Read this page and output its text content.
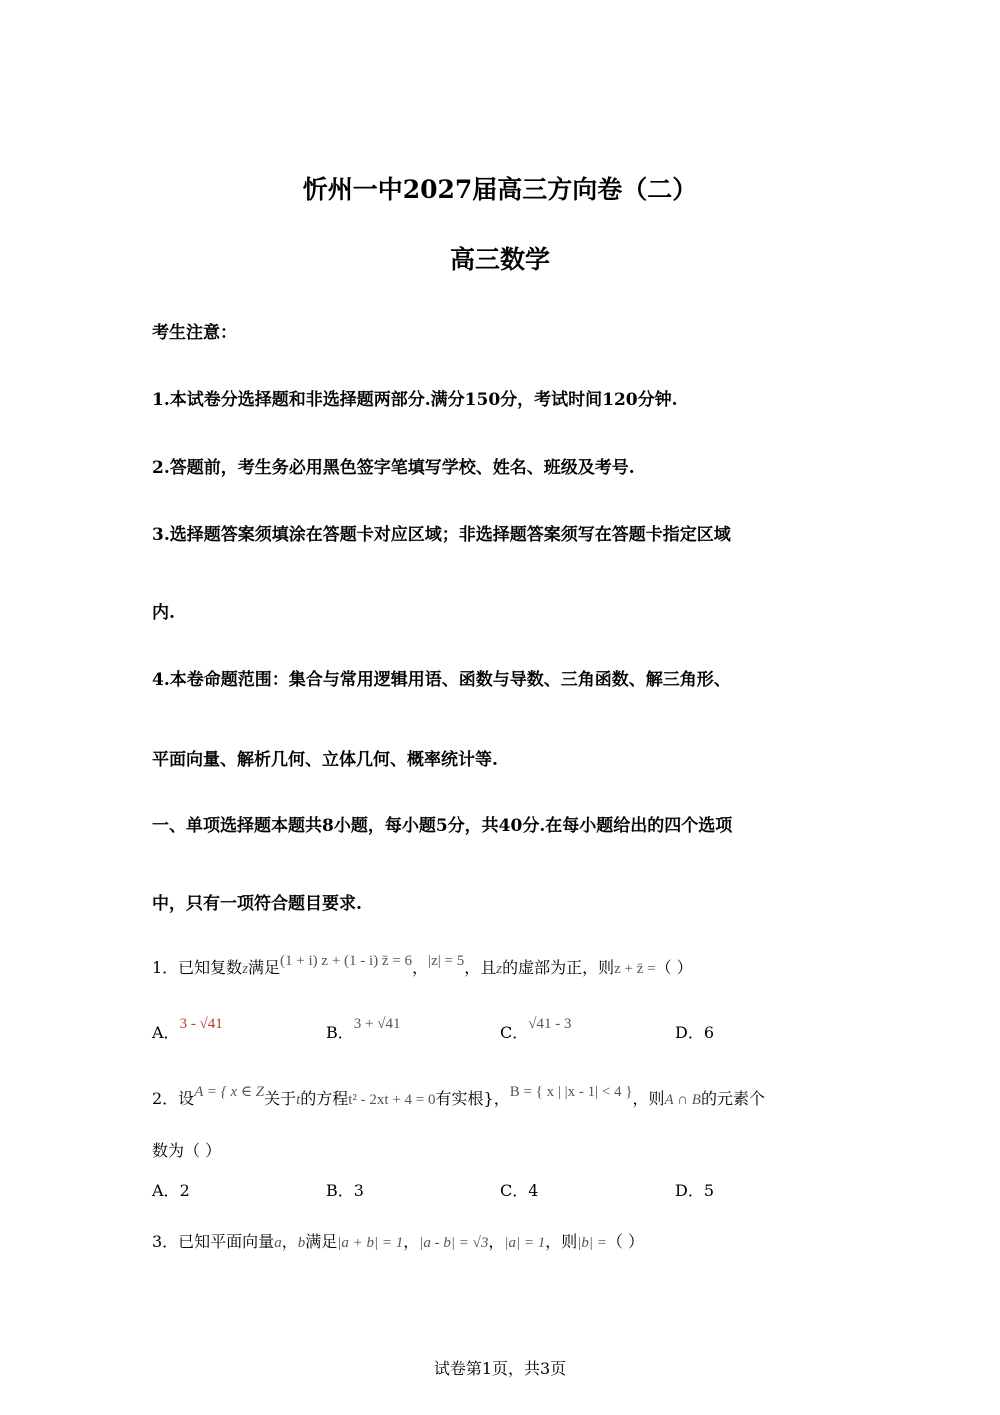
忻州一中2027届高三方向卷（二）
高三数学
考生注意：
1.本试卷分选择题和非选择题两部分.满分150分，考试时间120分钟.
2.答题前，考生务必用黑色签字笔填写学校、姓名、班级及考号.
3.选择题答案须填涂在答题卡对应区域；非选择题答案须写在答题卡指定区域
内.
4.本卷命题范围：集合与常用逻辑用语、函数与导数、三角函数、解三角形、
平面向量、解析几何、立体几何、概率统计等.
一、单项选择题本题共8小题，每小题5分，共40分.在每小题给出的四个选项
中，只有一项符合题目要求.
1．已知复数z满足(1 + i) z + (1 - i) z̄ = 6，|z| = 5，且z的虚部为正，则z + z̄ =（ ）
A．3 - √41	B．3 + √41	C．√41 - 3	D．6
2．设A = { x ∈ Z关于t的方程t² - 2xt + 4 = 0有实根}，B = { x | |x - 1| < 4 }，则A ∩ B的元素个
数为（ ）
A．2	B．3	C．4	D．5
3．已知平面向量a，b满足|a + b| = 1，|a - b| = √3，|a| = 1，则|b| =（ ）
试卷第1页，共3页
